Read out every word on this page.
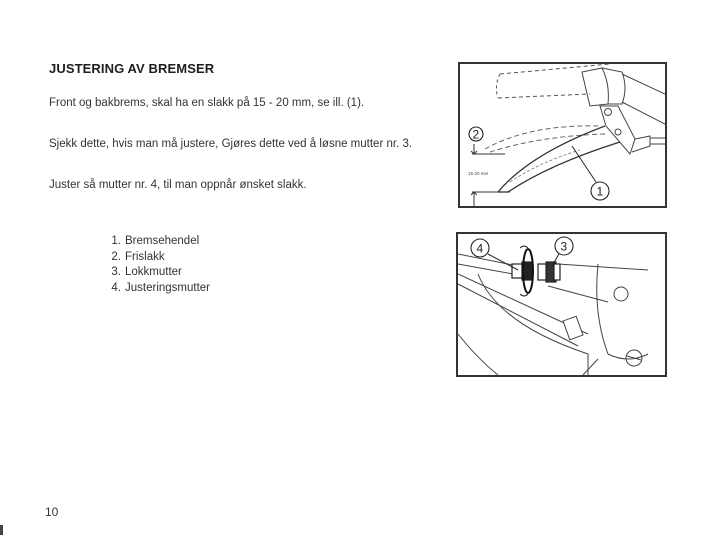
JUSTERING AV BREMSER
Front og bakbrems, skal ha en slakk på 15 - 20 mm, se ill. (1).
Sjekk dette, hvis man må justere, Gjøres dette ved å løsne mutter nr. 3.
Juster så mutter nr. 4, til man oppnår ønsket slakk.
1. Bremsehendel
2. Frislakk
3. Lokkmutter
4. Justeringsmutter
15-20 mm
2
1
4	3
10
